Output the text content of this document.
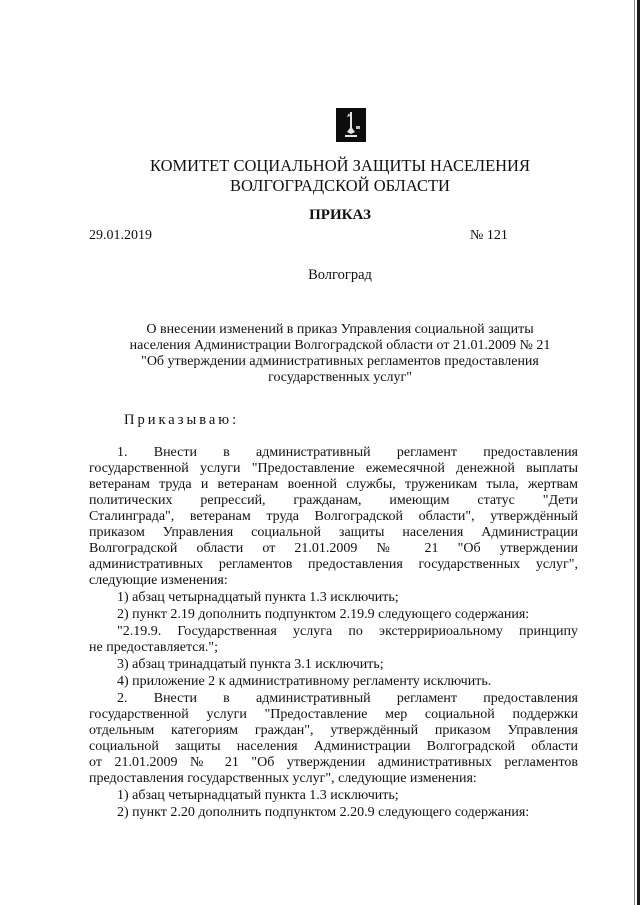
КОМИТЕТ СОЦИАЛЬНОЙ ЗАЩИТЫ НАСЕЛЕНИЯ
ВОЛГОГРАДСКОЙ ОБЛАСТИ
ПРИКАЗ
29.01.2019	№ 121
Волгоград
О внесении изменений в приказ Управления социальной защиты
населения Администрации Волгоградской области от 21.01.2009 № 21
"Об утверждении административных регламентов предоставления
государственных услуг"
Приказываю:
1. Внести в административный регламент предоставления
государственной услуги "Предоставление ежемесячной денежной выплаты
ветеранам труда и ветеранам военной службы, труженикам тыла, жертвам
политических репрессий, гражданам, имеющим статус "Дети
Сталинграда", ветеранам труда Волгоградской области", утверждённый
приказом Управления социальной защиты населения Администрации
Волгоградской области от 21.01.2009 № 21 "Об утверждении
административных регламентов предоставления государственных услуг",
следующие изменения:
1) абзац четырнадцатый пункта 1.3 исключить;
2) пункт 2.19 дополнить подпунктом 2.19.9 следующего содержания:
"2.19.9. Государственная услуга по экстерририоальному принципу
не предоставляется.";
3) абзац тринадцатый пункта 3.1 исключить;
4) приложение 2 к административному регламенту исключить.
2. Внести в административный регламент предоставления
государственной услуги "Предоставление мер социальной поддержки
отдельным категориям граждан", утверждённый приказом Управления
социальной защиты населения Администрации Волгоградской области
от 21.01.2009 № 21 "Об утверждении административных регламентов
предоставления государственных услуг", следующие изменения:
1) абзац четырнадцатый пункта 1.3 исключить;
2) пункт 2.20 дополнить подпунктом 2.20.9 следующего содержания:
